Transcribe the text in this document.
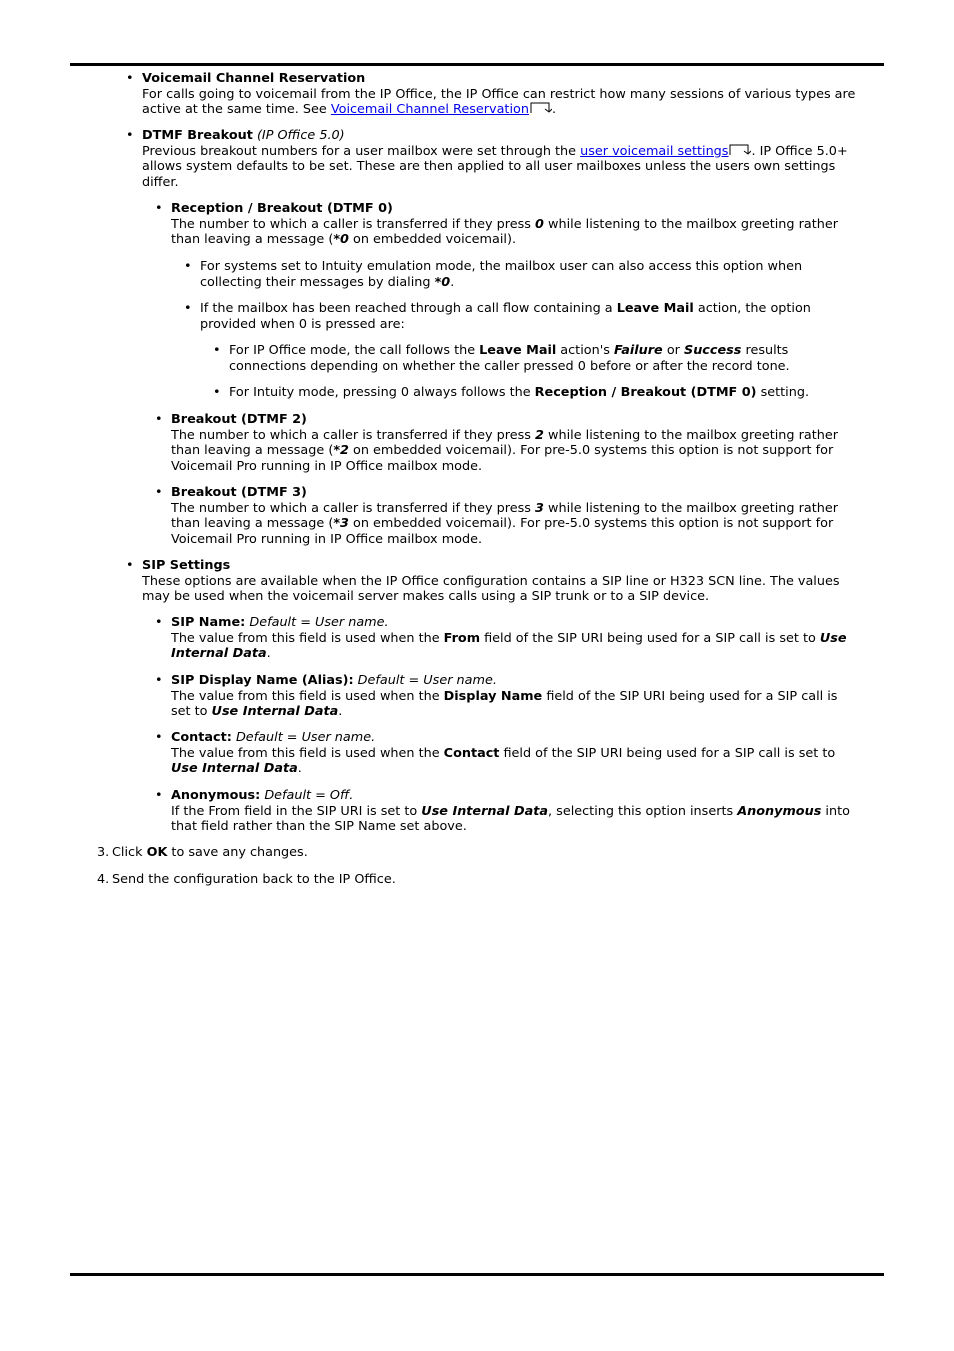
•
Voicemail Channel Reservation
For calls going to voicemail from the IP Office, the IP Office can restrict how many sessions of various types are active at the same time. See Voicemail Channel Reservation .
•
DTMF Breakout (IP Office 5.0)
Previous breakout numbers for a user mailbox were set through the user voicemail settings . IP Office 5.0+ allows system defaults to be set. These are then applied to all user mailboxes unless the users own settings differ.
•
Reception / Breakout (DTMF 0)
The number to which a caller is transferred if they press 0 while listening to the mailbox greeting rather than leaving a message (*0 on embedded voicemail).
•
For systems set to Intuity emulation mode, the mailbox user can also access this option when collecting their messages by dialing *0.
•
If the mailbox has been reached through a call flow containing a Leave Mail action, the option provided when 0 is pressed are:
•
For IP Office mode, the call follows the Leave Mail action's Failure or Success results connections depending on whether the caller pressed 0 before or after the record tone.
•
For Intuity mode, pressing 0 always follows the Reception / Breakout (DTMF 0) setting.
•
Breakout (DTMF 2)
The number to which a caller is transferred if they press 2 while listening to the mailbox greeting rather than leaving a message (*2 on embedded voicemail). For pre-5.0 systems this option is not support for Voicemail Pro running in IP Office mailbox mode.
•
Breakout (DTMF 3)
The number to which a caller is transferred if they press 3 while listening to the mailbox greeting rather than leaving a message (*3 on embedded voicemail). For pre-5.0 systems this option is not support for Voicemail Pro running in IP Office mailbox mode.
•
SIP Settings
These options are available when the IP Office configuration contains a SIP line or H323 SCN line. The values may be used when the voicemail server makes calls using a SIP trunk or to a SIP device.
•
SIP Name: Default = User name.
The value from this field is used when the From field of the SIP URI being used for a SIP call is set to Use Internal Data.
•
SIP Display Name (Alias): Default = User name.
The value from this field is used when the Display Name field of the SIP URI being used for a SIP call is set to Use Internal Data.
•
Contact: Default = User name.
The value from this field is used when the Contact field of the SIP URI being used for a SIP call is set to Use Internal Data.
•
Anonymous: Default = Off.
If the From field in the SIP URI is set to Use Internal Data, selecting this option inserts Anonymous into that field rather than the SIP Name set above.
3. Click OK to save any changes.
4. Send the configuration back to the IP Office.
